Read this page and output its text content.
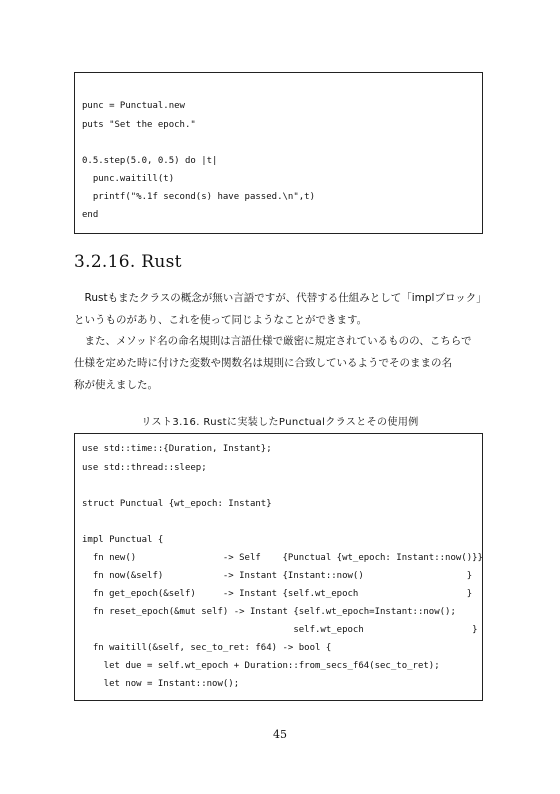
punc = Punctual.new
puts "Set the epoch."
0.5.step(5.0, 0.5) do |t|
punc.waitill(t)
printf("%.1f second(s) have passed.\n",t)
end
3.2.16. Rust
　Rustもまたクラスの概念が無い言語ですが、代替する仕組みとして「implブロック」
というものがあり、これを使って同じようなことができます。
　また、メソッド名の命名規則は言語仕様で厳密に規定されているものの、こちらで
仕様を定めた時に付けた変数や関数名は規則に合致しているようでそのままの名
称が使えました。
リスト3.16. Rustに実装したPunctualクラスとその使用例
use std::time::{Duration, Instant};
use std::thread::sleep;
struct Punctual {wt_epoch: Instant}
impl Punctual {
fn new()                -> Self    {Punctual {wt_epoch: Instant::now()}}
fn now(&self)           -> Instant {Instant::now()                   }
fn get_epoch(&self)     -> Instant {self.wt_epoch                    }
fn reset_epoch(&mut self) -> Instant {self.wt_epoch=Instant::now();
self.wt_epoch                    }
fn waitill(&self, sec_to_ret: f64) -> bool {
let due = self.wt_epoch + Duration::from_secs_f64(sec_to_ret);
let now = Instant::now();
45
